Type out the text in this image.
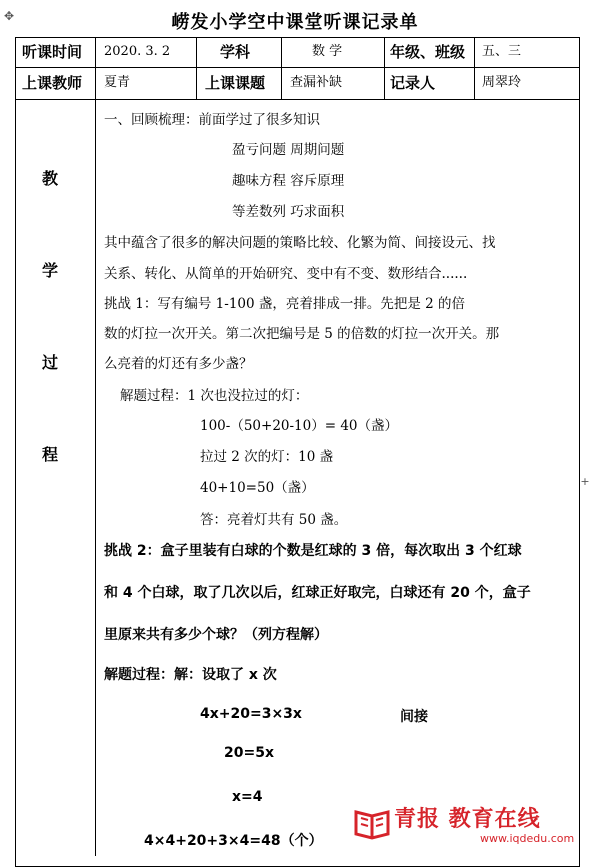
✥	崂发小学空中课堂听课记录单
听课时间 2020. 3. 2	学科	数 学	年级、班级 五、三
上课教师 夏青	上课课题 查漏补缺	记录人	周翠玲
教
学
过
程
一、回顾梳理：前面学过了很多知识
盈亏问题 周期问题
趣味方程 容斥原理
等差数列 巧求面积
其中蕴含了很多的解决问题的策略比较、化繁为简、间接设元、找
关系、转化、从简单的开始研究、变中有不变、数形结合......
挑战 1：写有编号 1-100 盏，亮着排成一排。先把是 2 的倍
数的灯拉一次开关。第二次把编号是 5 的倍数的灯拉一次开关。那
么亮着的灯还有多少盏？
解题过程：1 次也没拉过的灯：
100-（50+20-10）= 40（盏）
拉过 2 次的灯：10 盏
40+10=50（盏）
答：亮着灯共有 50 盏。
挑战 2：盒子里装有白球的个数是红球的 3 倍，每次取出 3 个红球
和 4 个白球，取了几次以后，红球正好取完，白球还有 20 个，盒子
里原来共有多少个球？（列方程解）
解题过程：解：设取了 x 次
4x+20=3×3x	间接
20=5x
x=4
4×4+20+3×4=48（个）
+
青报 教育在线
www.iqdedu.com
